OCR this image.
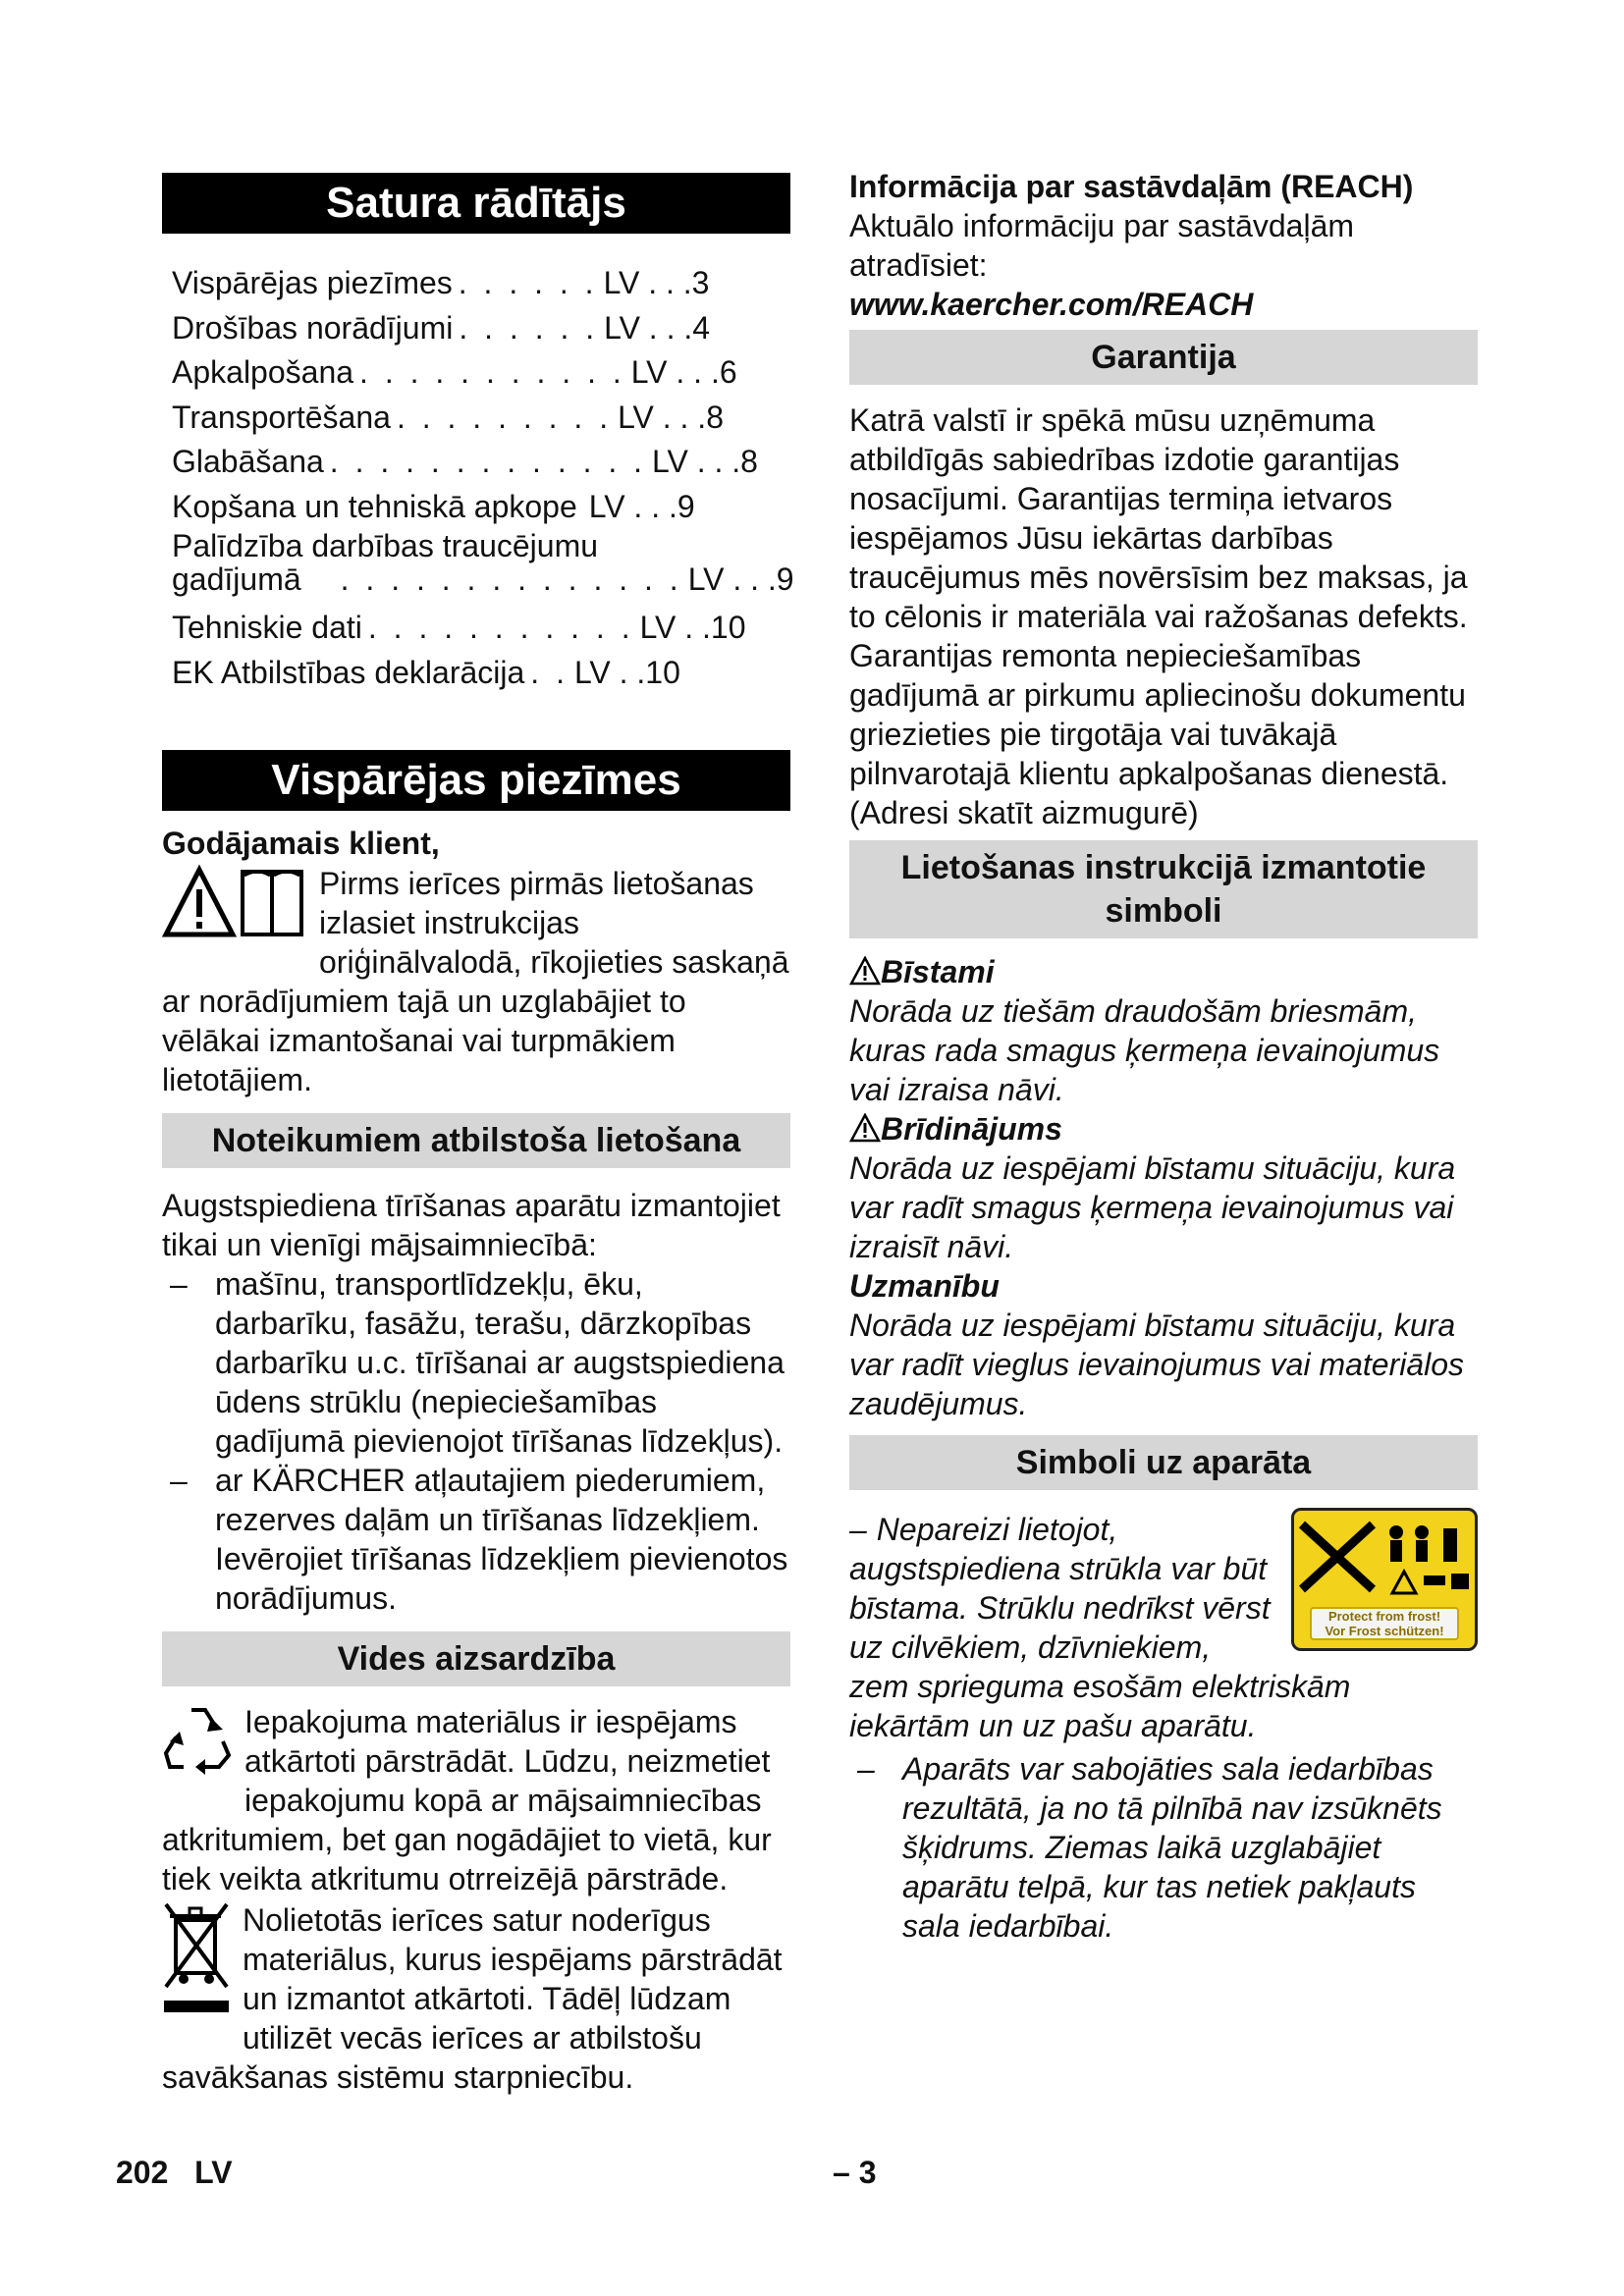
Satura rādītājs
Vispārējas piezīmes . . . . . . LV . . .3
Drošības norādījumi . . . . . . LV . . .4
Apkalpošana . . . . . . . . . . . LV . . .6
Transportēšana . . . . . . . . . LV . . .8
Glabāšana . . . . . . . . . . . . . LV . . .8
Kopšana un tehniskā apkope LV . . .9
Palīdzība darbības traucējumu
gadījumā	. . . . . . . . . . . . . . LV . . .9
Tehniskie dati . . . . . . . . . . . LV . .10
EK Atbilstības deklarācija . . LV . .10
Vispārējas piezīmes
Godājamais klient,
Pirms ierīces pirmās lietošanas izlasiet instrukcijas oriģinālvalodā, rīkojieties saskaņā ar norādījumiem tajā un uzglabājiet to vēlākai izmantošanai vai turpmākiem lietotājiem.
Noteikumiem atbilstoša lietošana
Augstspiediena tīrīšanas aparātu izmantojiet tikai un vienīgi mājsaimniecībā:
– mašīnu, transportlīdzekļu, ēku, darbarīku, fasāžu, terašu, dārzkopības darbarīku u.c. tīrīšanai ar augstspiediena ūdens strūklu (nepieciešamības gadījumā pievienojot tīrīšanas līdzekļus).
– ar KÄRCHER atļautajiem piederumiem, rezerves daļām un tīrīšanas līdzekļiem. Ievērojiet tīrīšanas līdzekļiem pievienotos norādījumus.
Vides aizsardzība
Iepakojuma materiālus ir iespējams atkārtoti pārstrādāt. Lūdzu, neizmetiet iepakojumu kopā ar mājsaimniecības atkritumiem, bet gan nogādājiet to vietā, kur tiek veikta atkritumu otrreizējā pārstrāde.
Nolietotās ierīces satur noderīgus materiālus, kurus iespējams pārstrādāt un izmantot atkārtoti. Tādēļ lūdzam utilizēt vecās ierīces ar atbilstošu savākšanas sistēmu starpniecību.
Informācija par sastāvdaļām (REACH)
Aktuālo informāciju par sastāvdaļām atradīsiet:
www.kaercher.com/REACH
Garantija
Katrā valstī ir spēkā mūsu uzņēmuma atbildīgās sabiedrības izdotie garantijas nosacījumi. Garantijas termiņa ietvaros iespējamos Jūsu iekārtas darbības traucējumus mēs novērsīsim bez maksas, ja to cēlonis ir materiāla vai ražošanas defekts. Garantijas remonta nepieciešamības gadījumā ar pirkumu apliecinošu dokumentu griezieties pie tirgotāja vai tuvākajā pilnvarotajā klientu apkalpošanas dienestā. (Adresi skatīt aizmugurē)
Lietošanas instrukcijā izmantotie simboli
Bīstami
Norāda uz tiešām draudošām briesmām, kuras rada smagus ķermeņa ievainojumus vai izraisa nāvi.
Brīdinājums
Norāda uz iespējami bīstamu situāciju, kura var radīt smagus ķermeņa ievainojumus vai izraisīt nāvi.
Uzmanību
Norāda uz iespējami bīstamu situāciju, kura var radīt vieglus ievainojumus vai materiālos zaudējumus.
Simboli uz aparāta
Protect from frost!
Vor Frost schützen!
– Nepareizi lietojot, augstspiediena strūkla var būt bīstama. Strūklu nedrīkst vērst uz cilvēkiem, dzīvniekiem, zem sprieguma esošām elektriskām iekārtām un uz pašu aparātu.
– Aparāts var sabojāties sala iedarbības rezultātā, ja no tā pilnībā nav izsūknēts šķidrums. Ziemas laikā uzglabājiet aparātu telpā, kur tas netiek pakļauts sala iedarbībai.
202 LV	– 3
